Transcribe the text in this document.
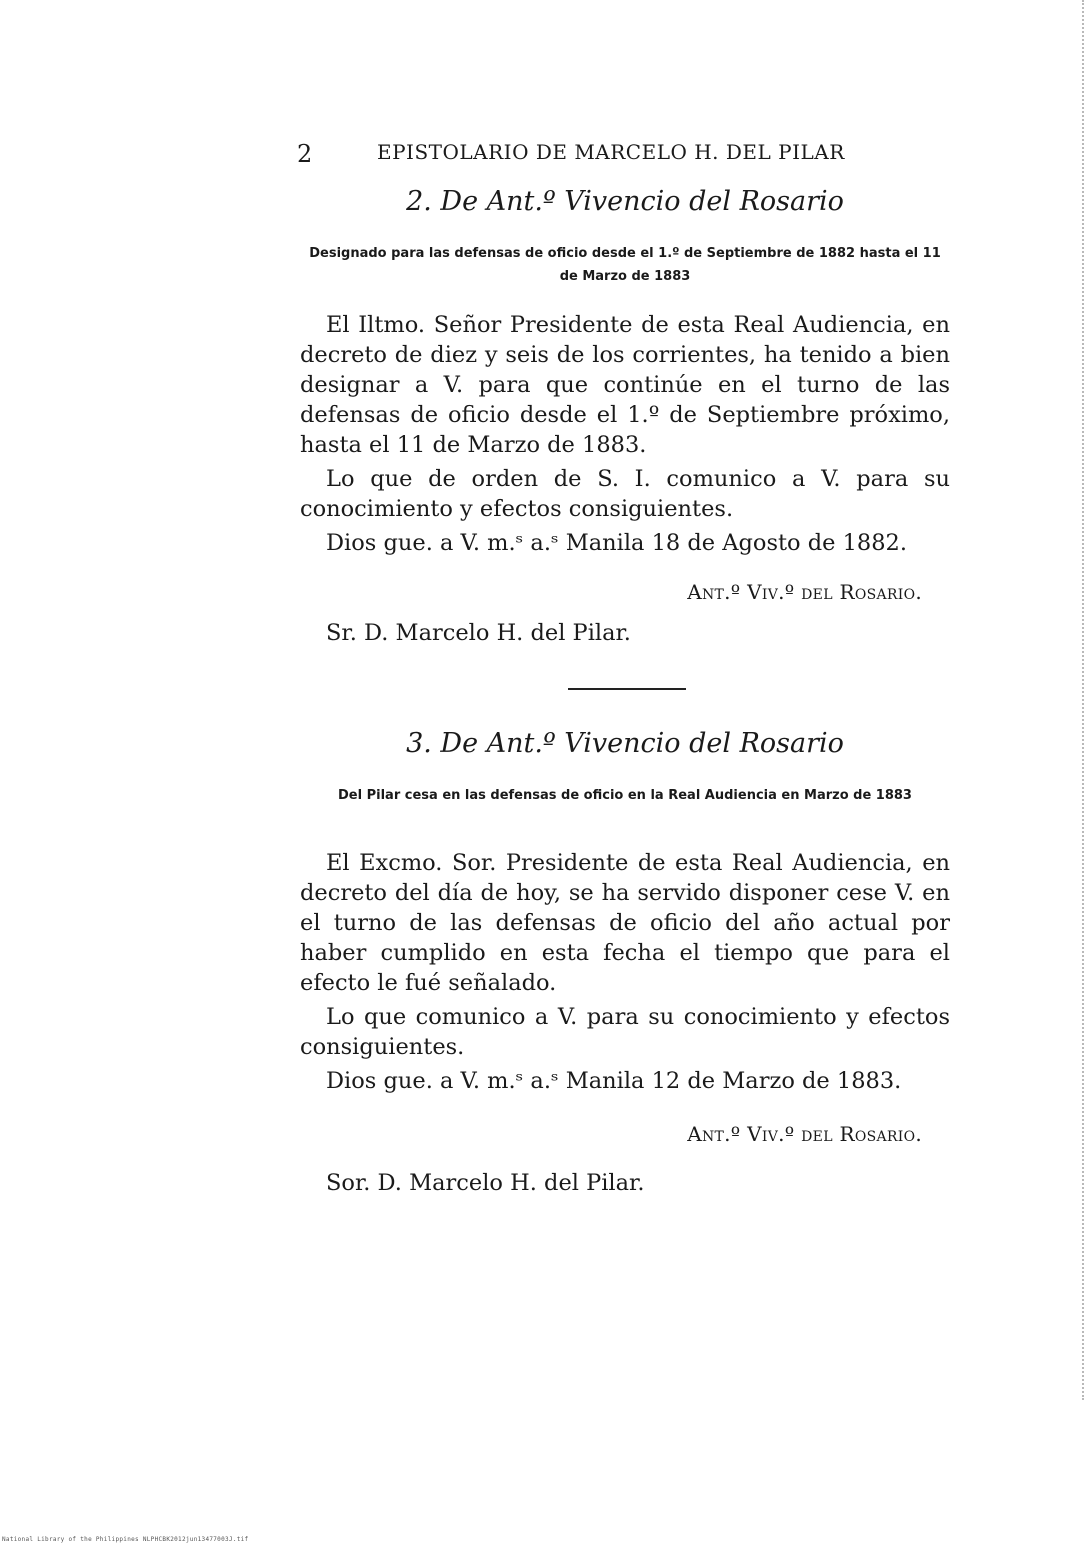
2	EPISTOLARIO DE MARCELO H. DEL PILAR
2. De Ant.º Vivencio del Rosario
Designado para las defensas de oficio desde el 1.º de Septiembre de 1882 hasta el 11 de Marzo de 1883

El Iltmo. Señor Presidente de esta Real Audiencia, en decreto de diez y seis de los corrientes, ha tenido a bien designar a V. para que continúe en el turno de las defensas de oficio desde el 1.º de Septiembre próximo, hasta el 11 de Marzo de 1883.

Lo que de orden de S. I. comunico a V. para su conocimiento y efectos consiguientes.

Dios gue. a V. m.ˢ a.ˢ Manila 18 de Agosto de 1882.

Ant.º Viv.º del Rosario.
Sr. D. Marcelo H. del Pilar.
3. De Ant.º Vivencio del Rosario
Del Pilar cesa en las defensas de oficio en la Real Audiencia en Marzo de 1883

El Excmo. Sor. Presidente de esta Real Audiencia, en decreto del día de hoy, se ha servido disponer cese V. en el turno de las defensas de oficio del año actual por haber cumplido en esta fecha el tiempo que para el efecto le fué señalado.

Lo que comunico a V. para su conocimiento y efectos consiguientes.

Dios gue. a V. m.ˢ a.ˢ Manila 12 de Marzo de 1883.

Ant.º Viv.º del Rosario.
Sor. D. Marcelo H. del Pilar.
National Library of the Philippines NLPHCBK2012jun13477003J.tif
